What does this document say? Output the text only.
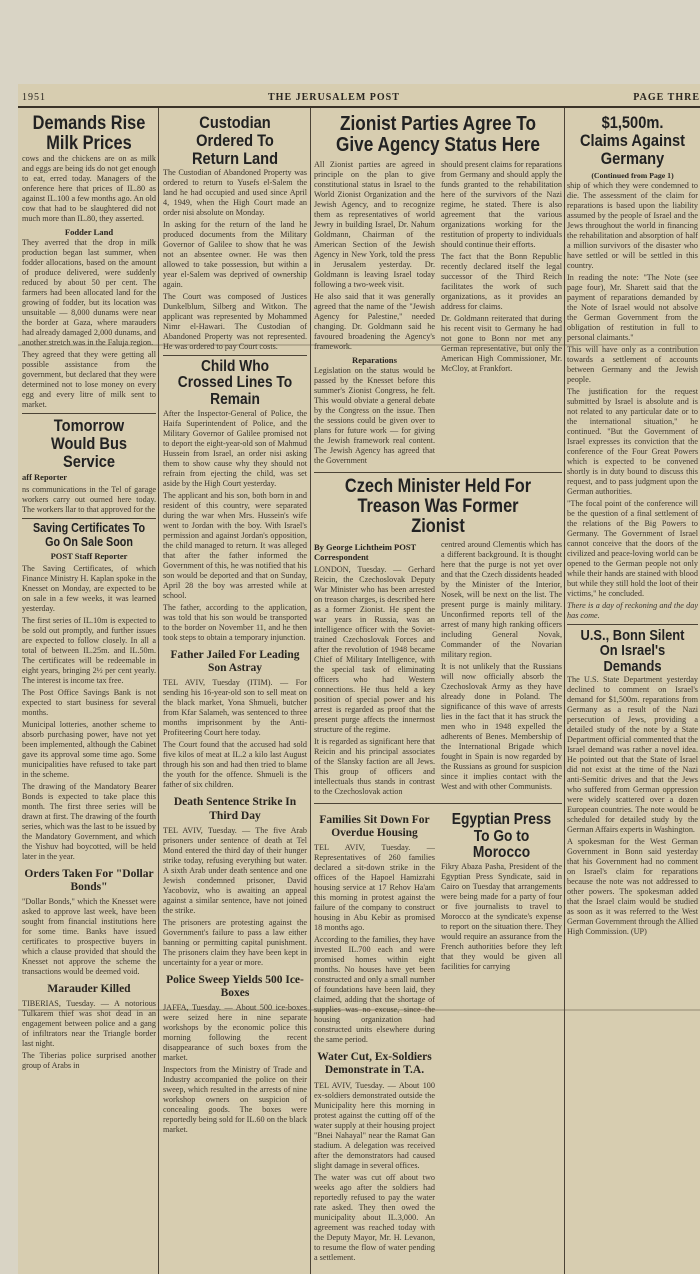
1951	THE JERUSALEM POST	PAGE THRE
Demands Rise Milk Prices

cows and the chickens are on as milk and eggs are being ids do not get enough to eat, erred today. Managers of the onference here that prices of IL.80 as against IL.100 a few months ago. An old cow that had to be slaughtered did not much more than IL.80, they asserted.

Fodder Land

They averred that the drop in milk production began last summer, when fodder allocations, based on the amount of produce delivered, were suddenly reduced by about 50 per cent. The farmers had been allocated land for the growing of fodder, but its location was unsuitable — 8,000 dunams were near the border at Gaza, where marauders had already damaged 2,000 dunams, and another stretch was in the Faluja region.

They agreed that they were getting all possible assistance from the government, but declared that they were determined not to lose money on every egg and every litre of milk sent to market.

Tomorrow Would Bus Service
aff Reporter

ns communications in the Tel of garage workers carry out ourned here today. The workers llar to that approved for the

Saving Certificates To Go On Sale Soon
POST Staff Reporter

The Saving Certificates, of which Finance Ministry H. Kaplan spoke in the Knesset on Monday, are expected to be on sale in a few weeks, it was learned yesterday.

The first series of IL.10m is expected to be sold out promptly, and further issues are expected to follow closely. In all a total of between IL.25m. and IL.50m. The certificates will be redeemable in eight years, bringing 2½ per cent yearly. The interest is income tax free.

The Post Office Savings Bank is not expected to start business for several months.

Municipal lotteries, another scheme to absorb purchasing power, have not yet been implemented, although the Cabinet gave its approval some time ago. Some municipalities have refused to take part in the scheme.

The drawing of the Mandatory Bearer Bonds is expected to take place this month. The first three series will be drawn at first. The drawing of the fourth series, which was the last to be issued by the Mandatory Government, and which the Yishuv had boycotted, will be held later in the year.

Orders Taken For "Dollar Bonds"

"Dollar Bonds," which the Knesset were asked to approve last week, have been sought from financial institutions here for some time. Banks have issued certificates to prospective buyers in which a clause provided that should the Knesset not approve the scheme the transactions would be deemed void.

Marauder Killed

TIBERIAS, Tuesday. — A notorious Tulkarem thief was shot dead in an engagement between police and a gang of infiltrators near the Triangle border last night.

The Tiberias police surprised another group of Arabs in

Custodian Ordered To Return Land

The Custodian of Abandoned Property was ordered to return to Yusefs el-Salem the land he had occupied and used since April 4, 1949, when the High Court made an order nisi absolute on Monday.

In asking for the return of the land he produced documents from the Military Governor of Galilee to show that he was not an absentee owner. He was then allowed to take possession, but within a year el-Salem was deprived of ownership again.

The Court was composed of Justices Dunkelblum, Silberg and Witkon. The applicant was represented by Mohammed Nimr el-Hawari. The Custodian of Abandoned Property was not represented. He was ordered to pay Court costs.

Child Who Crossed Lines To Remain

After the Inspector-General of Police, the Haifa Superintendent of Police, and the Military Governor of Galilee promised not to deport the eight-year-old son of Mahmud Hussein from Israel, an order nisi asking them to show cause why they should not refrain from ejecting the child, was set aside by the High Court yesterday.

The applicant and his son, both born in and resident of this country, were separated during the war when Mrs. Hussein's wife went to Jordan with the boy. With Israel's permission and against Jordan's opposition, the child managed to return. It was alleged that after the father informed the Government of this, he was notified that his son would be deported and that on Sunday, April 28 the boy was arrested while at school.

The father, according to the application, was told that his son would be transported to the border on November 11, and he then took steps to obtain a temporary injunction.

Father Jailed For Leading Son Astray

TEL AVIV, Tuesday (ITIM). — For sending his 16-year-old son to sell meat on the black market, Yona Shmueli, butcher from Kfar Salameh, was sentenced to three months imprisonment by the Anti-Profiteering Court here today.

The Court found that the accused had sold five kilos of meat at IL.2 a kilo last August through his son and had then tried to blame the youth for the offence. Shmueli is the father of six children.

Death Sentence Strike In Third Day

TEL AVIV, Tuesday. — The five Arab prisoners under sentence of death at Tel Mond entered the third day of their hunger strike today, refusing everything but water. A sixth Arab under death sentence and one Jewish condemned prisoner, David Yacoboviz, who is awaiting an appeal against a similar sentence, have not joined the strike.

The prisoners are protesting against the Government's failure to pass a law either banning or permitting capital punishment. The prisoners claim they have been kept in uncertainty for a year or more.

Police Sweep Yields 500 Ice-Boxes

JAFFA, Tuesday. — About 500 ice-boxes were seized here in nine separate workshops by the economic police this morning following the recent disappearance of such boxes from the market.

Inspectors from the Ministry of Trade and Industry accompanied the police on their sweep, which resulted in the arrests of nine workshop owners on suspicion of concealing goods. The boxes were reportedly being sold for IL.60 on the black market.

Zionist Parties Agree To Give Agency Status Here

All Zionist parties are agreed in principle on the plan to give constitutional status in Israel to the World Zionist Organization and the Jewish Agency, and to recognize them as representatives of world Jewry in building Israel, Dr. Nahum Goldmann, Chairman of the American Section of the Jewish Agency in New York, told the press in Jerusalem yesterday. Dr. Goldmann is leaving Israel today following a two-week visit.

He also said that it was generally agreed that the name of the "Jewish Agency for Palestine," needed changing. Dr. Goldmann said he favoured broadening the Agency's framework.

Reparations

Legislation on the status would be passed by the Knesset before this summer's Zionist Congress, he felt. This would obviate a general debate by the Congress on the issue. Then the sessions could be given over to plans for future work — for giving the Jewish framework real content. The Jewish Agency has agreed that the Government

should present claims for reparations from Germany and should apply the funds granted to the rehabilitation here of the survivors of the Nazi regime, he stated. There is also agreement that the various organizations working for the restitution of property to individuals should continue their efforts.

The fact that the Bonn Republic recently declared itself the legal successor of the Third Reich facilitates the work of such organizations, as it provides an address for claims.

Dr. Goldmann reiterated that during his recent visit to Germany he had not gone to Bonn nor met any German representative, but only the American High Commissioner, Mr. McCloy, at Frankfort.

Czech Minister Held For Treason Was Former Zionist
By George Lichtheim POST Correspondent

LONDON, Tuesday. — Gerhard Reicin, the Czechoslovak Deputy War Minister who has been arrested on treason charges, is described here as a former Zionist. He spent the war years in Russia, was an intelligence officer with the Soviet-trained Czechoslovak Forces and after the revolution of 1948 became Chief of Military Intelligence, with the special task of eliminating officers who had Western connections. He thus held a key position of special power and his arrest is regarded as proof that the present purge affects the innermost structure of the regime.

It is regarded as significant here that Reicin and his principal associates of the Slansky faction are all Jews. This group of officers and intellectuals thus stands in contrast to the Czechoslovak action

centred around Clementis which has a different background. It is thought here that the purge is not yet over and that the Czech dissidents headed by the Minister of the Interior, Nosek, will be next on the list. The present purge is mainly military. Unconfirmed reports tell of the arrest of many high ranking officers including General Novak, Commander of the Novarian military region.

It is not unlikely that the Russians will now officially absorb the Czechoslovak Army as they have already done in Poland. The significance of this wave of arrests lies in the fact that it has struck the men who in 1948 expelled the adherents of Benes. Membership of the International Brigade which fought in Spain is now regarded by the Russians as ground for suspicion since it implies contact with the West and with other Communists.

Families Sit Down For Overdue Housing

TEL AVIV, Tuesday. — Representatives of 260 families declared a sit-down strike in the offices of the Hapoel Hamizrahi housing service at 17 Rehov Ha'am this morning in protest against the failure of the company to construct housing in Abu Kebir as promised 18 months ago.

According to the families, they have invested IL.700 each and were promised homes within eight months. No houses have yet been constructed and only a small number of foundations have been laid, they claimed, adding that the shortage of supplies was no excuse, since the housing organization had constructed units elsewhere during the same period.

Water Cut, Ex-Soldiers Demonstrate in T.A.

TEL AVIV, Tuesday. — About 100 ex-soldiers demonstrated outside the Municipality here this morning in protest against the cutting off of the water supply at their housing project "Bnei Nahayal" near the Ramat Gan stadium. A delegation was received after the demonstrators had caused slight damage in several offices.

The water was cut off about two weeks ago after the soldiers had reportedly refused to pay the water rate asked. They then owed the municipality about IL.3,000. An agreement was reached today with the Deputy Mayor, Mr. H. Levanon, to resume the flow of water pending a settlement.

Egyptian Press To Go to Morocco

Fikry Abaza Pasha, President of the Egyptian Press Syndicate, said in Cairo on Tuesday that arrangements were being made for a party of four or five journalists to travel to Morocco at the syndicate's expense to report on the situation there. They would require an assurance from the French authorities before they left that they would be given all facilities for carrying

$1,500m. Claims Against Germany
(Continued from Page 1)

ship of which they were condemned to die. The assessment of the claim for reparations is based upon the liability assumed by the people of Israel and the Jews throughout the world in financing the rehabilitation and absorption of half a million survivors of the disaster who have settled or will be settled in this country.

In reading the note: "The Note (see page four), Mr. Sharett said that the payment of reparations demanded by the Note of Israel would not absolve the German Government from the obligation of restitution in full to personal claimants."

This will have only as a contribution towards a settlement of accounts between Germany and the Jewish people.

The justification for the request submitted by Israel is absolute and is not related to any particular date or to the international situation," he continued. "But the Government of Israel expresses its conviction that the conference of the Four Great Powers which is expected to be convened shortly is in duty bound to discuss this request, and to pass judgment upon the German authorities.

"The focal point of the conference will be the question of a final settlement of the relations of the Big Powers to Germany. The Government of Israel cannot conceive that the doors of the civilized and peace-loving world can be opened to the German people not only while their hands are stained with blood but while they still hold the loot of their victims," he concluded.

There is a day of reckoning and the day has come.

U.S., Bonn Silent On Israel's Demands

The U.S. State Department yesterday declined to comment on Israel's demand for $1,500m. reparations from Germany as a result of the Nazi persecution of Jews, providing a detailed study of the note by a State Department official commented that the Israel demand was rather a novel idea. He pointed out that the State of Israel did not exist at the time of the Nazi anti-Semitic drives and that the Jews who suffered from German oppression were widely scattered over a dozen European countries. The note would be scheduled for detailed study by the German Affairs experts in Washington.

A spokesman for the West German Government in Bonn said yesterday that his Government had no comment on Israel's claim for reparations because the note was not addressed to other powers. The spokesman added that the Israel claim would be studied as soon as it was referred to the West German Government through the Allied High Commission. (UP)
